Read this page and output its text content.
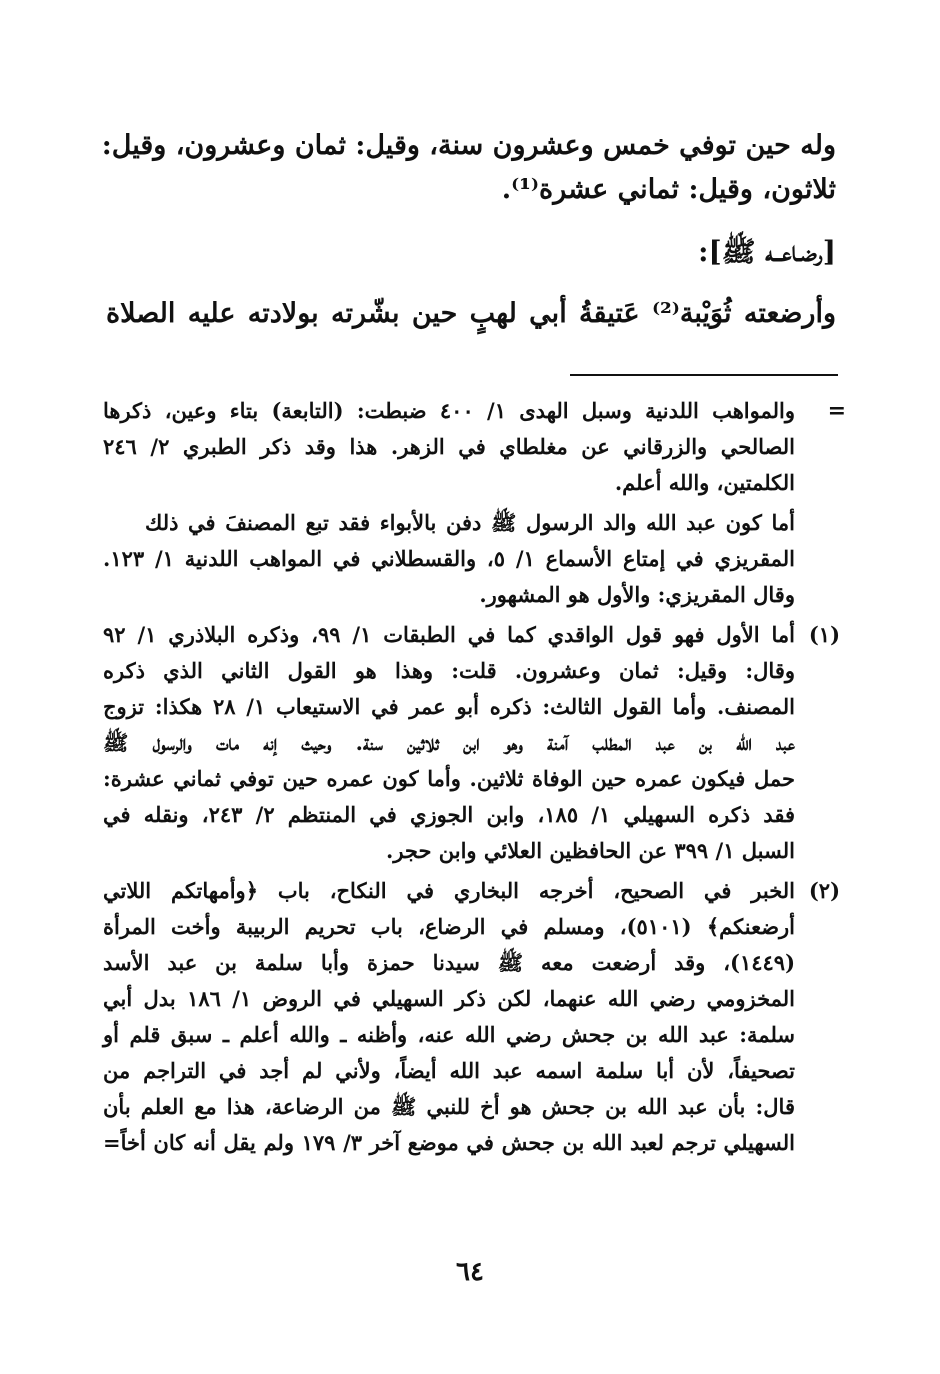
وله حين توفي خمس وعشرون سنة، وقيل: ثمان وعشرون، وقيل:
ثلاثون، وقيل: ثماني عشرة⁽¹⁾.
[رضـاعــه ﷺ]:
وأرضعته ثُوَيْبة⁽²⁾ عَتيقةُ أبي لهبٍ حين بشّرته بولادته عليه الصلاة
=
والمواهب اللدنية وسبل الهدى ١/ ٤٠٠ ضبطت: (التابعة) بتاء وعين، ذكرها
الصالحي والزرقاني عن مغلطاي في الزهر. هذا وقد ذكر الطبري ٢/ ٢٤٦
الكلمتين، والله أعلم.
أما كون عبد الله والد الرسول ﷺ دفن بالأبواء فقد تبع المصنفَ في ذلك
المقريزي في إمتاع الأسماع ١/ ٥، والقسطلاني في المواهب اللدنية ١/ ١٢٣.
وقال المقريزي: والأول هو المشهور.
(١)
أما الأول فهو قول الواقدي كما في الطبقات ١/ ٩٩، وذكره البلاذري ١/ ٩٢
وقال: وقيل: ثمان وعشرون. قلت: وهذا هو القول الثاني الذي ذكره
المصنف. وأما القول الثالث: ذكره أبو عمر في الاستيعاب ١/ ٢٨ هكذا: تزوج
عبد الله بن عبد المطلب آمنة وهو ابن ثلاثين سنة. وحيث إنه مات والرسول ﷺ
حمل فيكون عمره حين الوفاة ثلاثين. وأما كون عمره حين توفي ثماني عشرة:
فقد ذكره السهيلي ١/ ١٨٥، وابن الجوزي في المنتظم ٢/ ٢٤٣، ونقله في
السبل ١/ ٣٩٩ عن الحافظين العلائي وابن حجر.
(٢)
الخبر في الصحيح، أخرجه البخاري في النكاح، باب ﴿وأمهاتكم اللاتي
أرضعنكم﴾ (٥١٠١)، ومسلم في الرضاع، باب تحريم الربيبة وأخت المرأة
(١٤٤٩)، وقد أرضعت معه ﷺ سيدنا حمزة وأبا سلمة بن عبد الأسد
المخزومي رضي الله عنهما، لكن ذكر السهيلي في الروض ١/ ١٨٦ بدل أبي
سلمة: عبد الله بن جحش رضي الله عنه، وأظنه ـ والله أعلم ـ سبق قلم أو
تصحيفاً، لأن أبا سلمة اسمه عبد الله أيضاً، ولأني لم أجد في التراجم من
قال: بأن عبد الله بن جحش هو أخ للنبي ﷺ من الرضاعة، هذا مع العلم بأن
السهيلي ترجم لعبد الله بن جحش في موضع آخر ٣/ ١٧٩ ولم يقل أنه كان أخاً=
٦٤
